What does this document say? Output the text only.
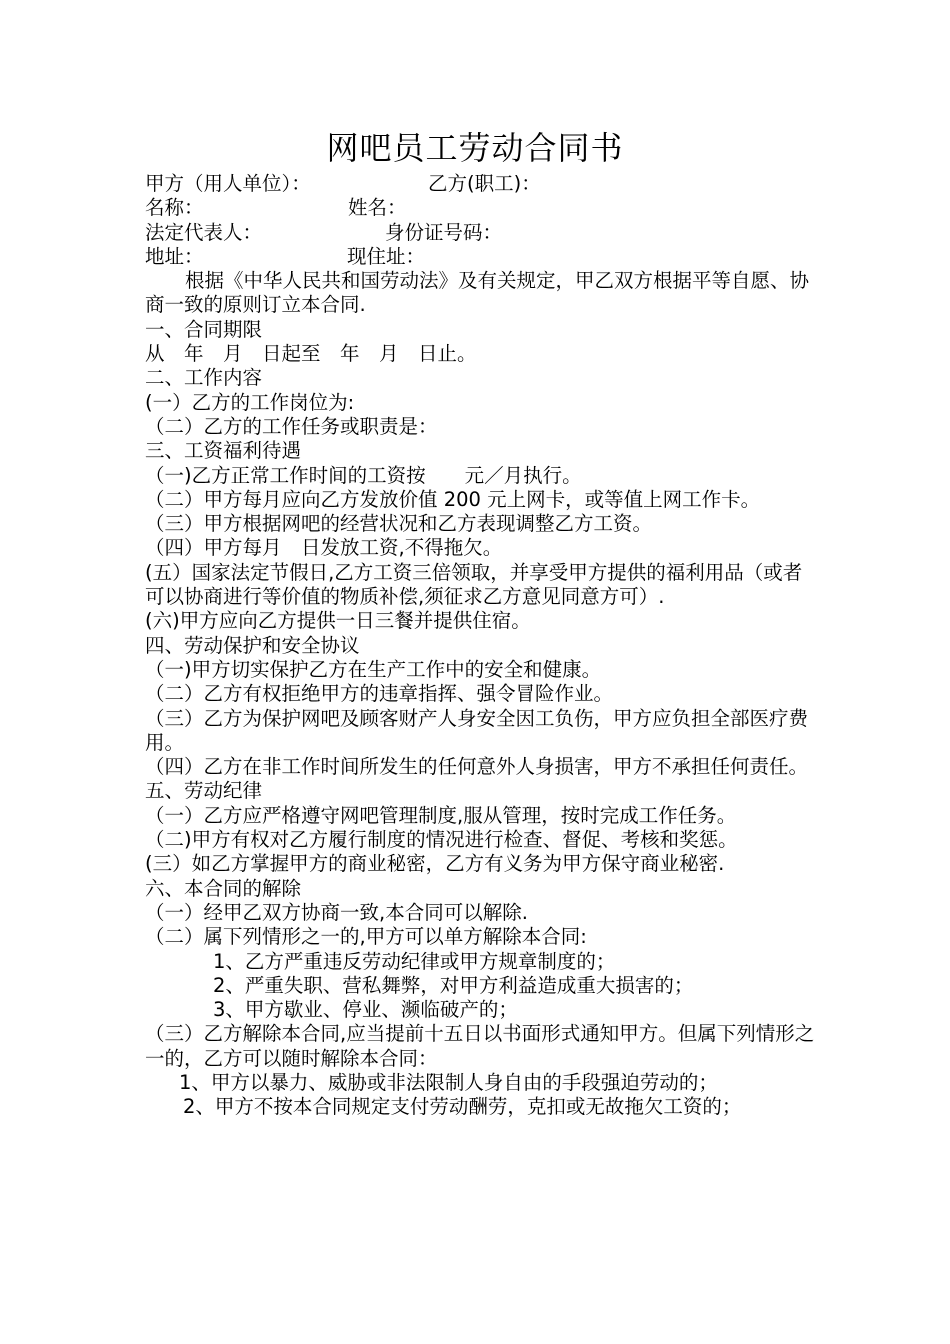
网吧员工劳动合同书
甲方（用人单位）：	乙方(职工)：
名称：	姓名：
法定代表人：	身份证号码：
地址：	现住址：
根据《中华人民共和国劳动法》及有关规定，甲乙双方根据平等自愿、协商一致的原则订立本合同.
一、合同期限
从　年　月　日起至　年　月　日止。
二、工作内容
(一）乙方的工作岗位为:
（二）乙方的工作任务或职责是：
三、工资福利待遇
（一)乙方正常工作时间的工资按　　元／月执行。
（二）甲方每月应向乙方发放价值 200 元上网卡，或等值上网工作卡。
（三）甲方根据网吧的经营状况和乙方表现调整乙方工资。
（四）甲方每月　日发放工资,不得拖欠。
(五）国家法定节假日,乙方工资三倍领取，并享受甲方提供的福利用品（或者可以协商进行等价值的物质补偿,须征求乙方意见同意方可）.
(六)甲方应向乙方提供一日三餐并提供住宿。
四、劳动保护和安全协议
（一)甲方切实保护乙方在生产工作中的安全和健康。
（二）乙方有权拒绝甲方的违章指挥、强令冒险作业。
（三）乙方为保护网吧及顾客财产人身安全因工负伤，甲方应负担全部医疗费用。
（四）乙方在非工作时间所发生的任何意外人身损害，甲方不承担任何责任。
五、劳动纪律
（一）乙方应严格遵守网吧管理制度,服从管理，按时完成工作任务。
（二)甲方有权对乙方履行制度的情况进行检查、督促、考核和奖惩。
(三）如乙方掌握甲方的商业秘密，乙方有义务为甲方保守商业秘密.
六、本合同的解除
（一）经甲乙双方协商一致,本合同可以解除.
（二）属下列情形之一的,甲方可以单方解除本合同:
1、乙方严重违反劳动纪律或甲方规章制度的；
2、严重失职、营私舞弊，对甲方利益造成重大损害的；
3、甲方歇业、停业、濒临破产的；
（三）乙方解除本合同,应当提前十五日以书面形式通知甲方。但属下列情形之一的，乙方可以随时解除本合同：
1、甲方以暴力、威胁或非法限制人身自由的手段强迫劳动的；
2、甲方不按本合同规定支付劳动酬劳，克扣或无故拖欠工资的；
